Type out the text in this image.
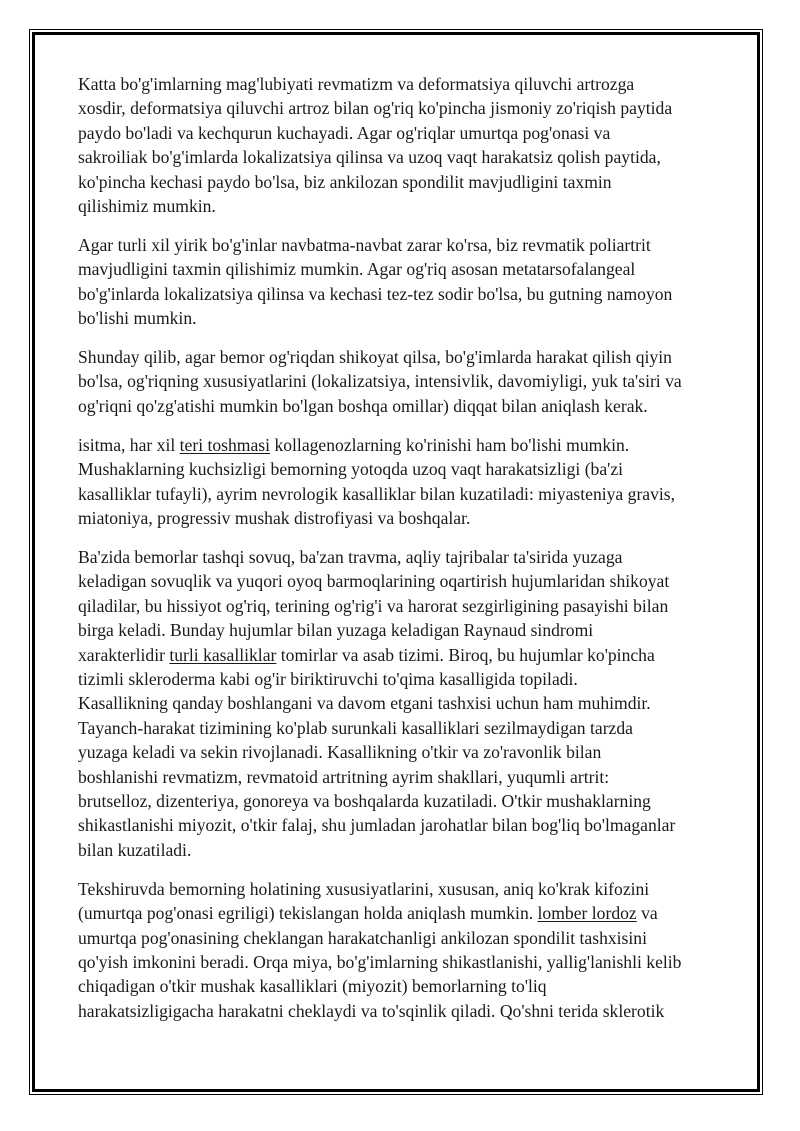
Katta bo'g'imlarning mag'lubiyati revmatizm va deformatsiya qiluvchi artrozga
xosdir, deformatsiya qiluvchi artroz bilan og'riq ko'pincha jismoniy zo'riqish paytida
paydo bo'ladi va kechqurun kuchayadi. Agar og'riqlar umurtqa pog'onasi va
sakroiliak bo'g'imlarda lokalizatsiya qilinsa va uzoq vaqt harakatsiz qolish paytida,
ko'pincha kechasi paydo bo'lsa, biz ankilozan spondilit mavjudligini taxmin
qilishimiz mumkin.

Agar turli xil yirik bo'g'inlar navbatma-navbat zarar ko'rsa, biz revmatik poliartrit
mavjudligini taxmin qilishimiz mumkin. Agar og'riq asosan metatarsofalangeal
bo'g'inlarda lokalizatsiya qilinsa va kechasi tez-tez sodir bo'lsa, bu gutning namoyon
bo'lishi mumkin.

Shunday qilib, agar bemor og'riqdan shikoyat qilsa, bo'g'imlarda harakat qilish qiyin
bo'lsa, og'riqning xususiyatlarini (lokalizatsiya, intensivlik, davomiyligi, yuk ta'siri va
og'riqni qo'zg'atishi mumkin bo'lgan boshqa omillar) diqqat bilan aniqlash kerak.

isitma, har xil teri toshmasi kollagenozlarning ko'rinishi ham bo'lishi mumkin.
Mushaklarning kuchsizligi bemorning yotoqda uzoq vaqt harakatsizligi (ba'zi
kasalliklar tufayli), ayrim nevrologik kasalliklar bilan kuzatiladi: miyasteniya gravis,
miatoniya, progressiv mushak distrofiyasi va boshqalar.

Ba'zida bemorlar tashqi sovuq, ba'zan travma, aqliy tajribalar ta'sirida yuzaga
keladigan sovuqlik va yuqori oyoq barmoqlarining oqartirish hujumlaridan shikoyat
qiladilar, bu hissiyot og'riq, terining og'rig'i va harorat sezgirligining pasayishi bilan
birga keladi. Bunday hujumlar bilan yuzaga keladigan Raynaud sindromi
xarakterlidir turli kasalliklar tomirlar va asab tizimi. Biroq, bu hujumlar ko'pincha
tizimli skleroderma kabi og'ir biriktiruvchi to'qima kasalligida topiladi.
Kasallikning qanday boshlangani va davom etgani tashxisi uchun ham muhimdir.
Tayanch-harakat tizimining ko'plab surunkali kasalliklari sezilmaydigan tarzda
yuzaga keladi va sekin rivojlanadi. Kasallikning o'tkir va zo'ravonlik bilan
boshlanishi revmatizm, revmatoid artritning ayrim shakllari, yuqumli artrit:
brutselloz, dizenteriya, gonoreya va boshqalarda kuzatiladi. O'tkir mushaklarning
shikastlanishi miyozit, o'tkir falaj, shu jumladan jarohatlar bilan bog'liq bo'lmaganlar
bilan kuzatiladi.

Tekshiruvda bemorning holatining xususiyatlarini, xususan, aniq ko'krak kifozini
(umurtqa pog'onasi egriligi) tekislangan holda aniqlash mumkin. lomber lordoz va
umurtqa pog'onasining cheklangan harakatchanligi ankilozan spondilit tashxisini
qo'yish imkonini beradi. Orqa miya, bo'g'imlarning shikastlanishi, yallig'lanishli kelib
chiqadigan o'tkir mushak kasalliklari (miyozit) bemorlarning to'liq
harakatsizligigacha harakatni cheklaydi va to'sqinlik qiladi. Qo'shni terida sklerotik
